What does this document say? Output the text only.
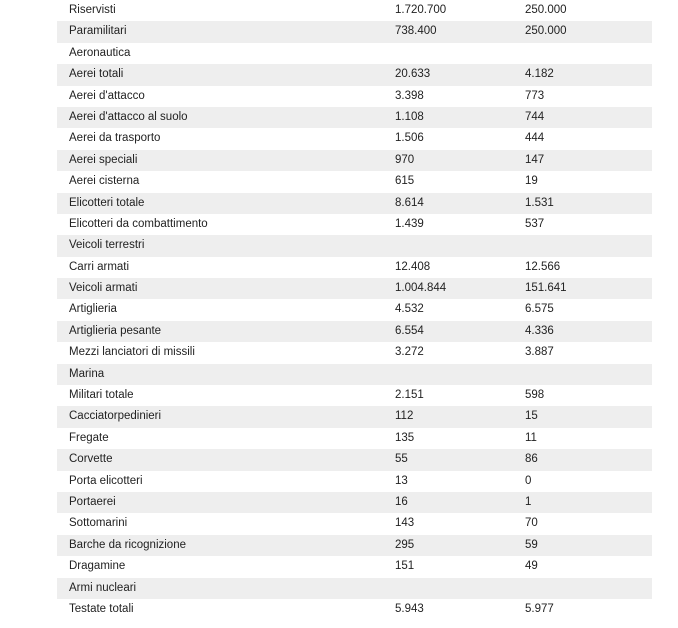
Riservisti	1.720.700	250.000
Paramilitari	738.400	250.000
Aeronautica
Aerei totali	20.633	4.182
Aerei d'attacco	3.398	773
Aerei d'attacco al suolo	1.108	744
Aerei da trasporto	1.506	444
Aerei speciali	970	147
Aerei cisterna	615	19
Elicotteri totale	8.614	1.531
Elicotteri da combattimento	1.439	537
Veicoli terrestri
Carri armati	12.408	12.566
Veicoli armati	1.004.844	151.641
Artiglieria	4.532	6.575
Artiglieria pesante	6.554	4.336
Mezzi lanciatori di missili	3.272	3.887
Marina
Militari totale	2.151	598
Cacciatorpedinieri	112	15
Fregate	135	11
Corvette	55	86
Porta elicotteri	13	0
Portaerei	16	1
Sottomarini	143	70
Barche da ricognizione	295	59
Dragamine	151	49
Armi nucleari
Testate totali	5.943	5.977
